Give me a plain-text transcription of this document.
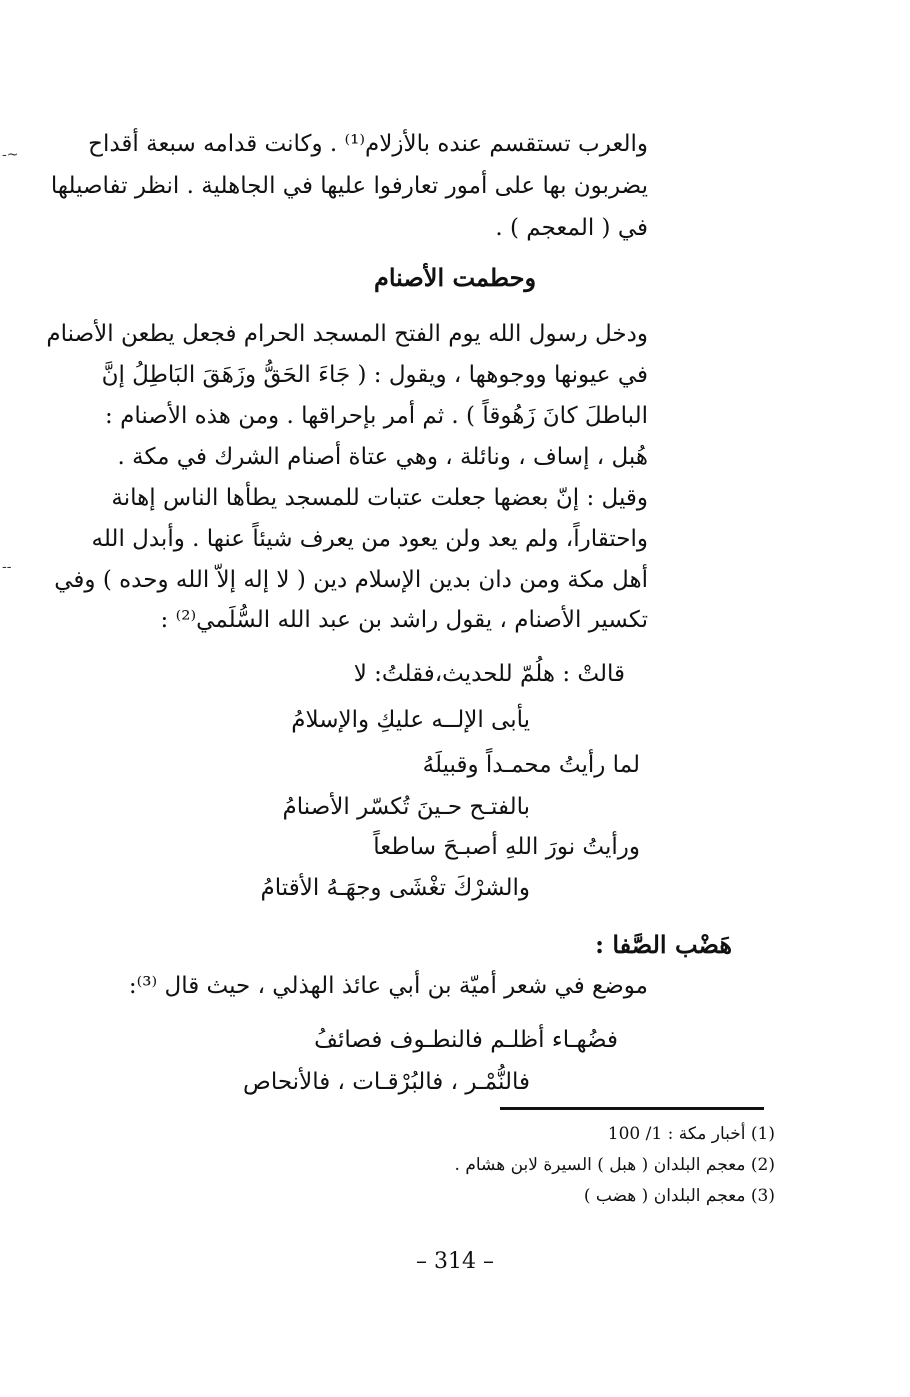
-~
--
والعرب تستقسم عنده بالأزلام⁽¹⁾ . وكانت قدامه سبعة أقداح
يضربون بها على أمور تعارفوا عليها في الجاهلية . انظر تفاصيلها
في ( المعجم ) .
وحطمت الأصنام
ودخل رسول الله يوم الفتح المسجد الحرام فجعل يطعن الأصنام
في عيونها ووجوهها ، ويقول : ( جَاءَ الحَقُّ وزَهَقَ البَاطِلُ إنَّ
الباطلَ كانَ زَهُوقاً ) . ثم أمر بإحراقها . ومن هذه الأصنام :
هُبل ، إساف ، ونائلة ، وهي عتاة أصنام الشرك في مكة .
وقيل : إنّ بعضها جعلت عتبات للمسجد يطأها الناس إهانة
واحتقاراً، ولم يعد ولن يعود من يعرف شيئاً عنها . وأبدل الله
أهل مكة ومن دان بدين الإسلام دين ( لا إله إلاّ الله وحده ) وفي
تكسير الأصنام ، يقول راشد بن عبد الله السُّلَمي⁽²⁾ :
قالتْ : هلُمّ للحديث،فقلتُ: لا
يأبى الإلــه عليكِ والإسلامُ
لما رأيتُ محمـداً وقبيلَهُ
بالفتـح حـينَ تُكسّر الأصنامُ
ورأيتُ نورَ اللهِ أصبـحَ ساطعاً
والشرْكَ تغْشَى وجهَـهُ الأقتامُ
هَضْب الصَّفا :
موضع في شعر أميّة بن أبي عائذ الهذلي ، حيث قال ⁽³⁾:
فضُهـاء أظلـم فالنطـوف فصائفُ
فالنُّمْـر ، فالبُرْقـات ، فالأنحاص
(1) أخبار مكة : 1/ 100
(2) معجم البلدان ( هبل ) السيرة لابن هشام .
(3) معجم البلدان ( هضب )
– 314 –
